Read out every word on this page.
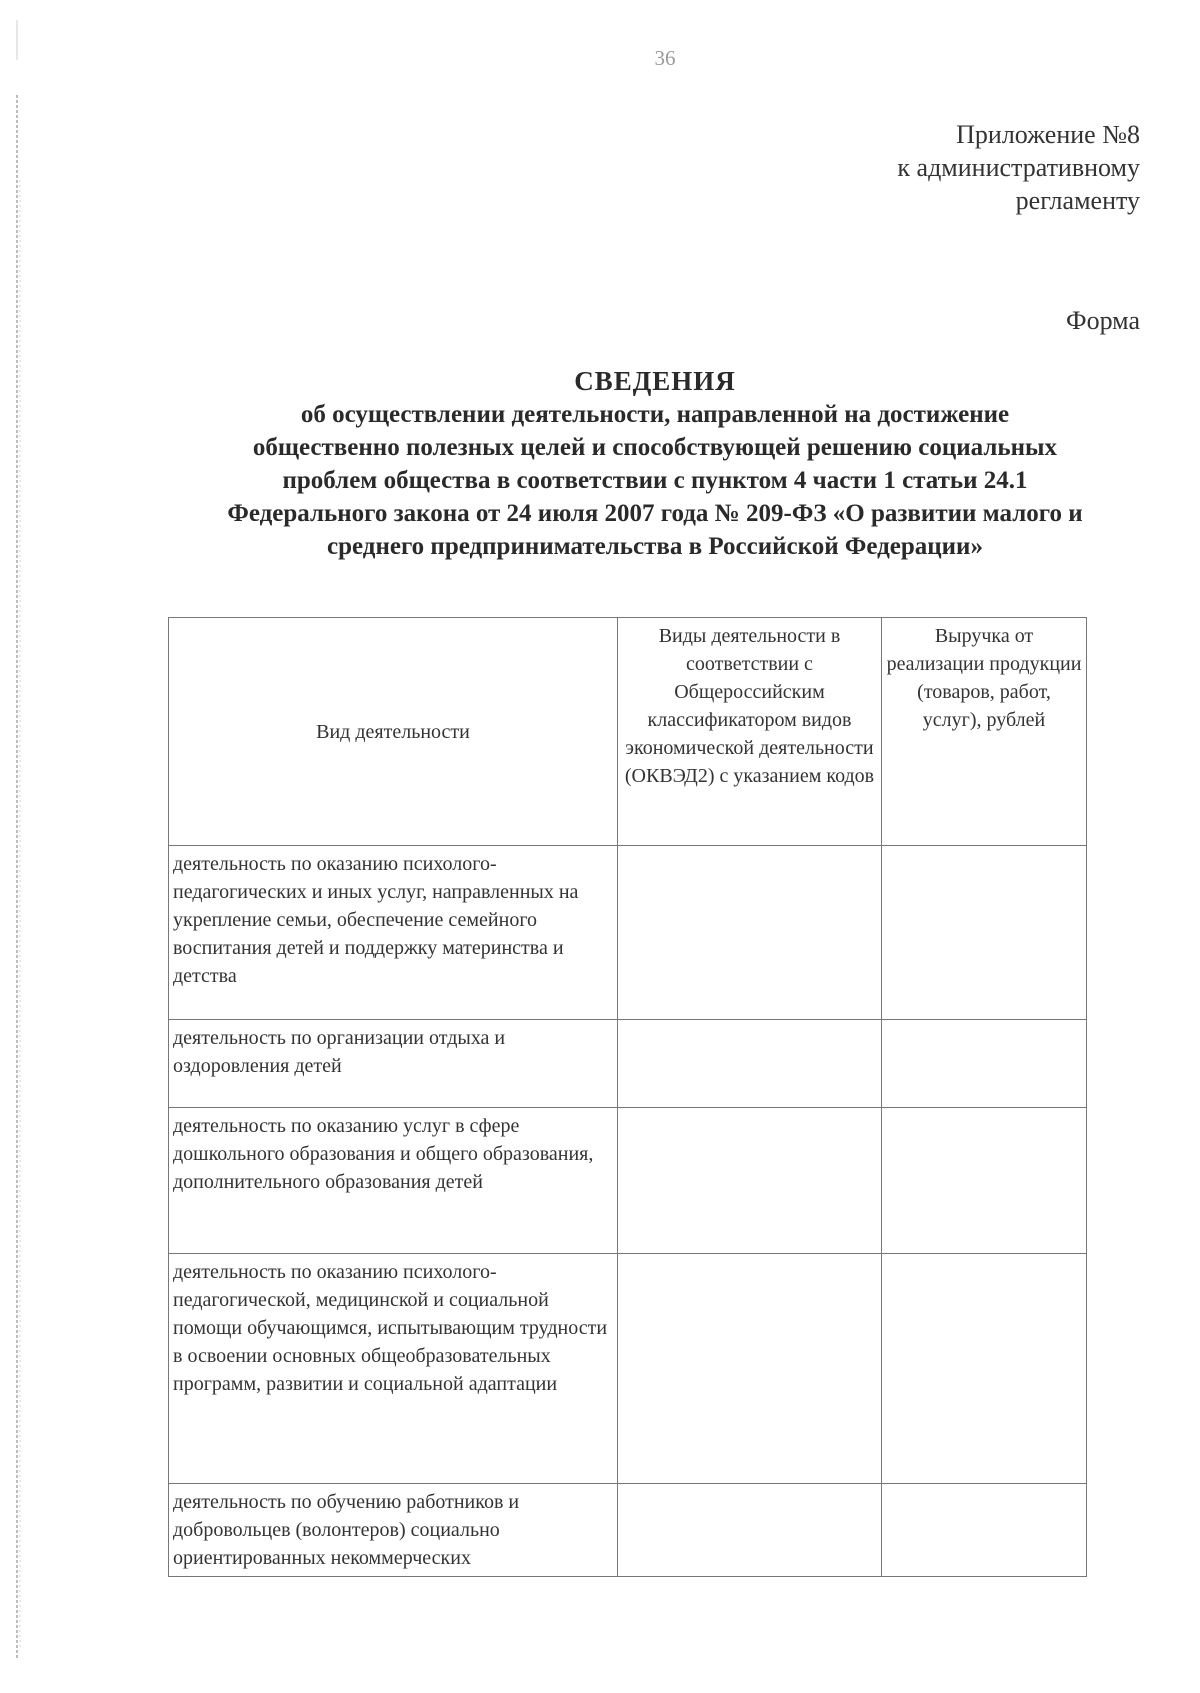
36
Приложение №8
к административному
регламенту
Форма
СВЕДЕНИЯ
об осуществлении деятельности, направленной на достижение
общественно полезных целей и способствующей решению социальных
проблем общества в соответствии с пунктом 4 части 1 статьи 24.1
Федерального закона от 24 июля 2007 года № 209-ФЗ «О развитии малого и
среднего предпринимательства в Российской Федерации»
Вид деятельности	Виды деятельности в соответствии с Общероссийским классификатором видов экономической деятельности (ОКВЭД2) с указанием кодов	Выручка от реализации продукции (товаров, работ, услуг), рублей
деятельность по оказанию психолого-педагогических и иных услуг, направленных на укрепление семьи, обеспечение семейного воспитания детей и поддержку материнства и детства		
деятельность по организации отдыха и оздоровления детей		
деятельность по оказанию услуг в сфере дошкольного образования и общего образования, дополнительного образования детей		
деятельность по оказанию психолого-педагогической, медицинской и социальной помощи обучающимся, испытывающим трудности в освоении основных общеобразовательных программ, развитии и социальной адаптации		
деятельность по обучению работников и добровольцев (волонтеров) социально ориентированных некоммерческих		
